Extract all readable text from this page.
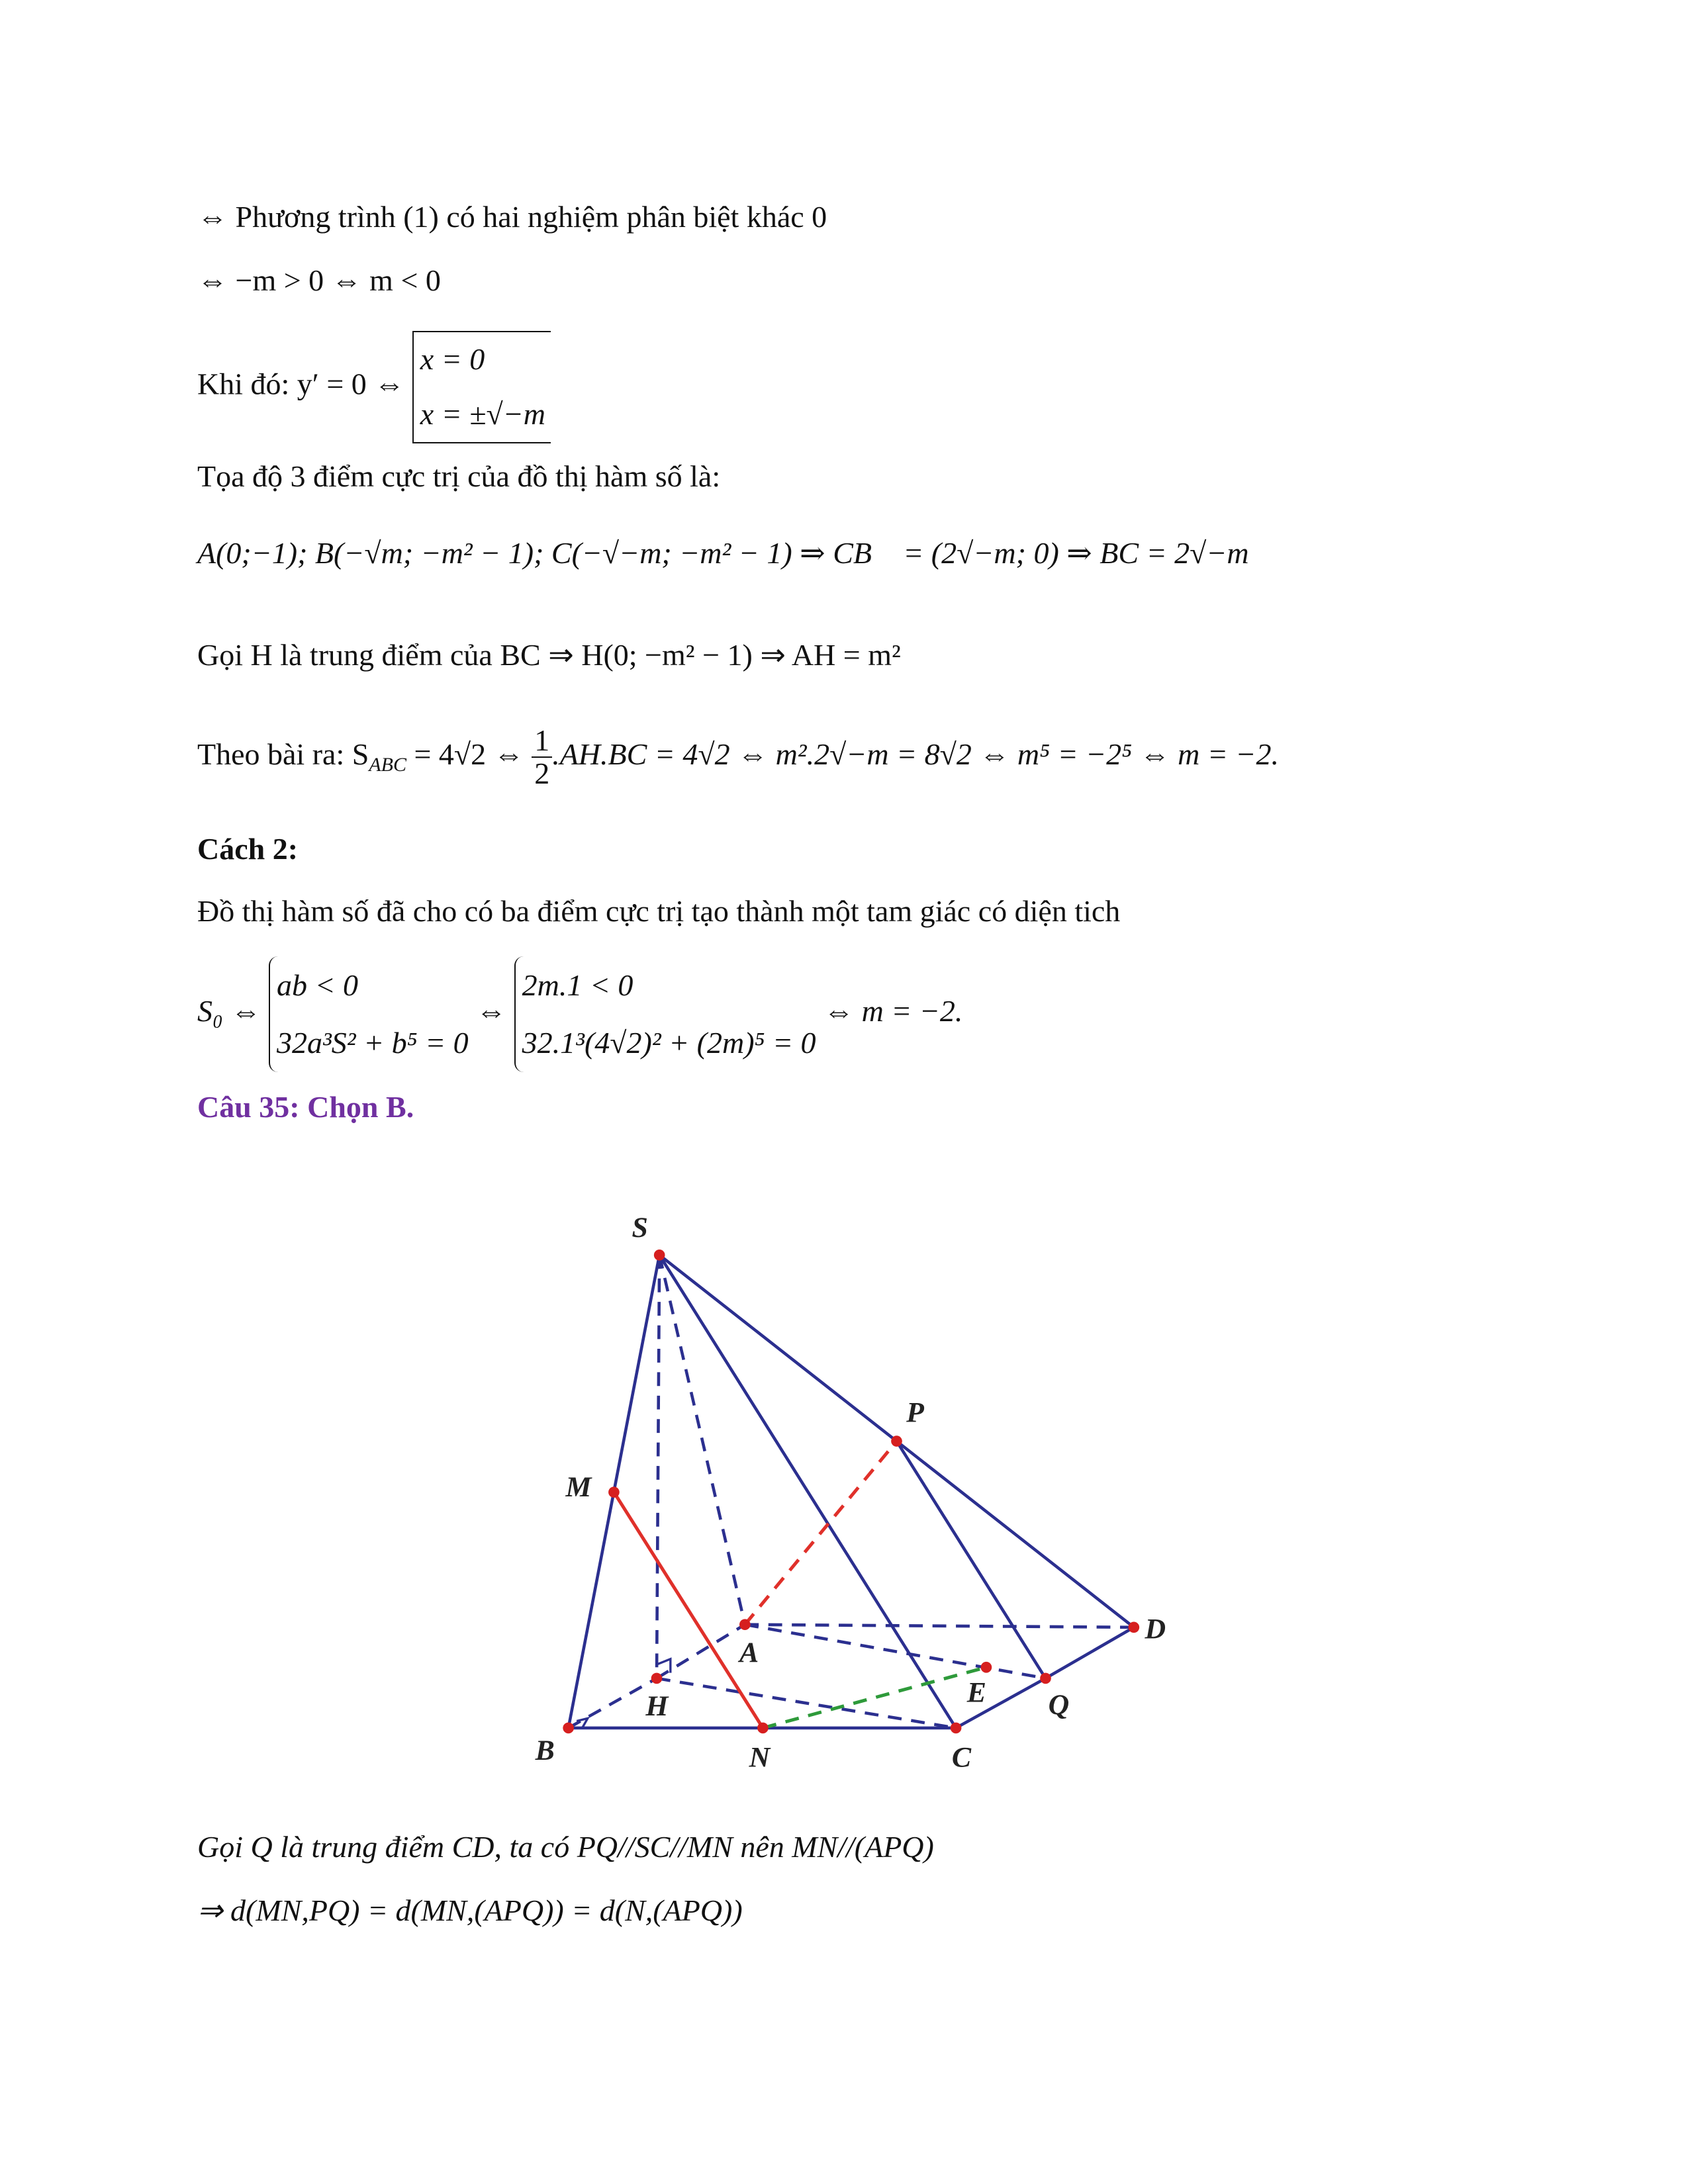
⇔ Phương trình (1) có hai nghiệm phân biệt khác 0
⇔ −m > 0 ⇔ m < 0
Khi đó: y′ = 0 ⇔
x = 0
x = ±√−m
Tọa độ 3 điểm cực trị của đồ thị hàm số là:
A(0;−1); B(−√m; −m² − 1); C(−√−m; −m² − 1) ⇒ CB⃗ = (2√−m; 0) ⇒ BC = 2√−m
Gọi H là trung điểm của BC ⇒ H(0; −m² − 1) ⇒ AH = m²
Theo bài ra: $S_{ABC} = 4√2$ ⇔ $\frac{1}{2} .AH.BC = 4√2$ ⇔ m².2√−m = 8√2 ⇔ m⁵ = −2⁵ ⇔ m = −2.
Cách 2:
Đồ thị hàm số đã cho có ba điểm cực trị tạo thành một tam giác có diện tich
S₀ ⇔
ab < 0
32a³S² + b⁵ = 0
⇔
2m.1 < 0
32.1³(4√2)² + (2m)⁵ = 0
⇔ m = −2.
Câu 35: Chọn B.
S
M
P
A
D
H	E	Q
B	N	C
Gọi Q là trung điểm CD, ta có PQ//SC//MN nên MN//(APQ)
⇒ d(MN,PQ) = d(MN,(APQ)) = d(N,(APQ))
